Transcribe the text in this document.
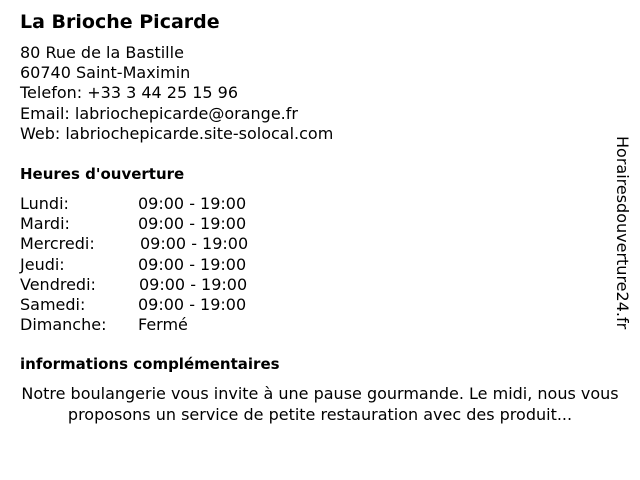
La Brioche Picarde
80 Rue de la Bastille
60740 Saint-Maximin
Telefon: +33 3 44 25 15 96
Email: labriochepicarde@orange.fr
Web: labriochepicarde.site-solocal.com
Heures d'ouverture
Lundi:	09:00 - 19:00
Mardi:	09:00 - 19:00
Mercredi:	09:00 - 19:00
Jeudi:	09:00 - 19:00
Vendredi:	09:00 - 19:00
Samedi:	09:00 - 19:00
Dimanche: Fermé
informations complémentaires
Notre boulangerie vous invite à une pause gourmande. Le midi, nous vous proposons un service de petite restauration avec des produit...
Horairesdouverture24.fr
